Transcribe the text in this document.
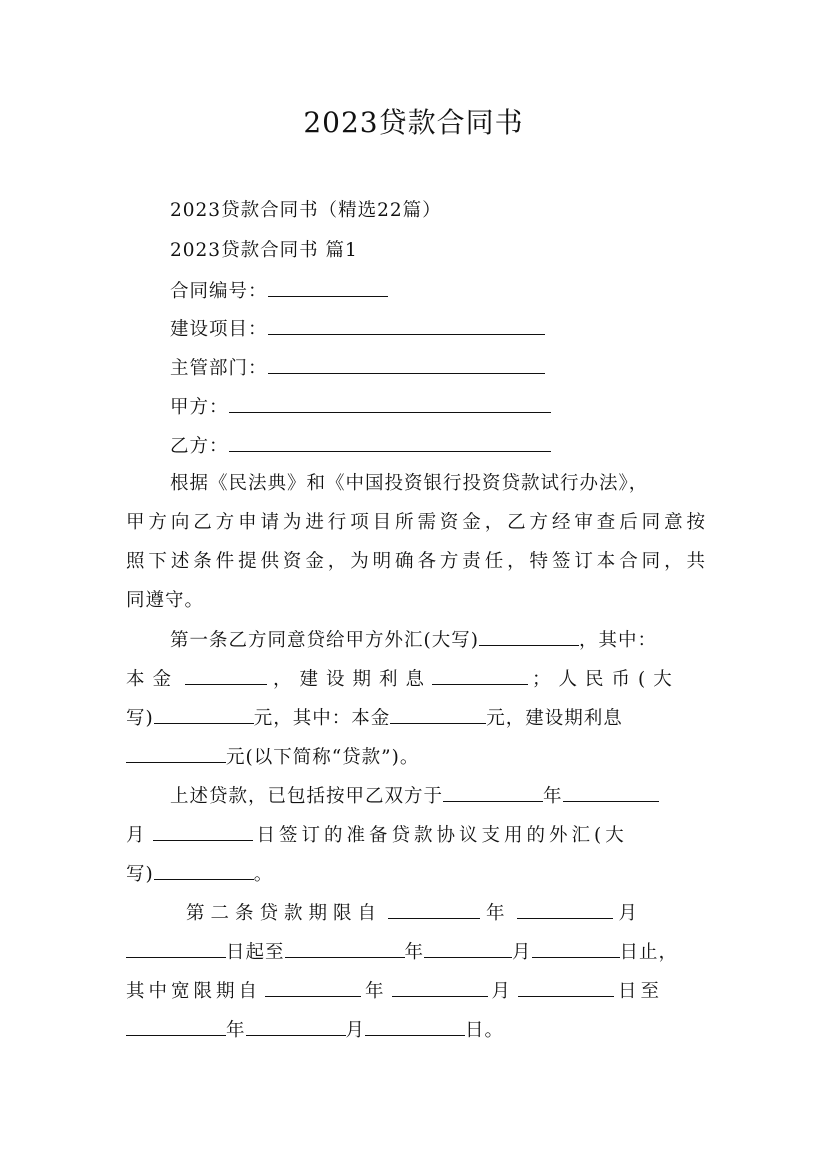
2023贷款合同书
2023贷款合同书（精选22篇）
2023贷款合同书 篇1
合同编号：
建设项目：
主管部门：
甲方：
乙方：
根据《民法典》和《中国投资银行投资贷款试行办法》，
甲方向乙方申请为进行项目所需资金，乙方经审查后同意按
照下述条件提供资金，为明确各方责任，特签订本合同，共
同遵守。
第一条乙方同意贷给甲方外汇(大写)	，其中：
本金	，建设期利息	；人民币(大
写)	元，其中：本金	元，建设期利息
元(以下简称“贷款”)。
上述贷款，已包括按甲乙双方于	年
月	日签订的准备贷款协议支用的外汇(大
写)	。
第二条贷款期限自	年	月
日起至	年	月	日止，
其中宽限期自	年	月	日至
年	月	日。
